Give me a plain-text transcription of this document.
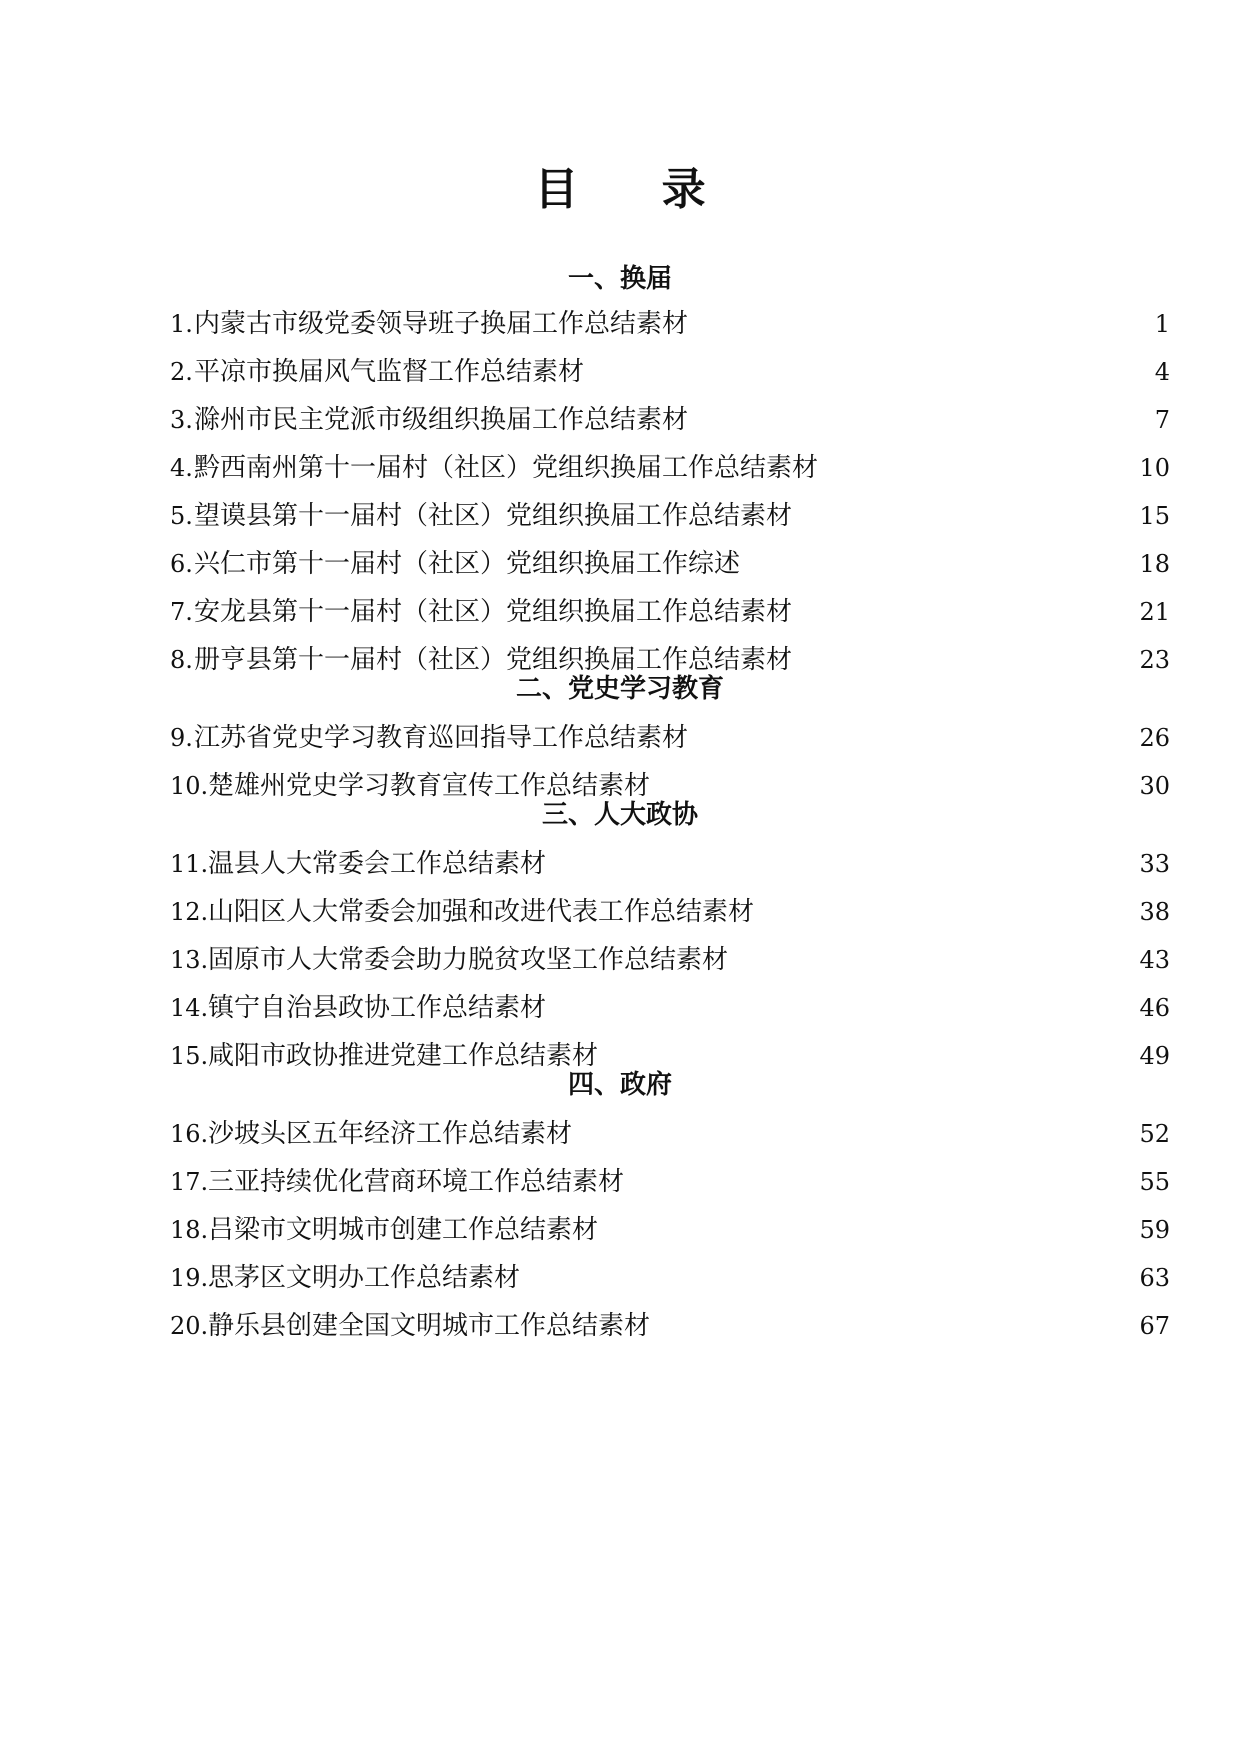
目 录
一、换届
1. 内蒙古市级党委领导班子换届工作总结素材	1
2. 平凉市换届风气监督工作总结素材	4
3. 滁州市民主党派市级组织换届工作总结素材	7
4. 黔西南州第十一届村（社区）党组织换届工作总结素材	10
5. 望谟县第十一届村（社区）党组织换届工作总结素材	15
6. 兴仁市第十一届村（社区）党组织换届工作综述	18
7. 安龙县第十一届村（社区）党组织换届工作总结素材	21
8. 册亨县第十一届村（社区）党组织换届工作总结素材	23
二、党史学习教育
9. 江苏省党史学习教育巡回指导工作总结素材	26
10. 楚雄州党史学习教育宣传工作总结素材	30
三、人大政协
11. 温县人大常委会工作总结素材	33
12. 山阳区人大常委会加强和改进代表工作总结素材	38
13. 固原市人大常委会助力脱贫攻坚工作总结素材	43
14. 镇宁自治县政协工作总结素材	46
15. 咸阳市政协推进党建工作总结素材	49
四、政府
16. 沙坡头区五年经济工作总结素材	52
17. 三亚持续优化营商环境工作总结素材	55
18. 吕梁市文明城市创建工作总结素材	59
19. 思茅区文明办工作总结素材	63
20. 静乐县创建全国文明城市工作总结素材	67
